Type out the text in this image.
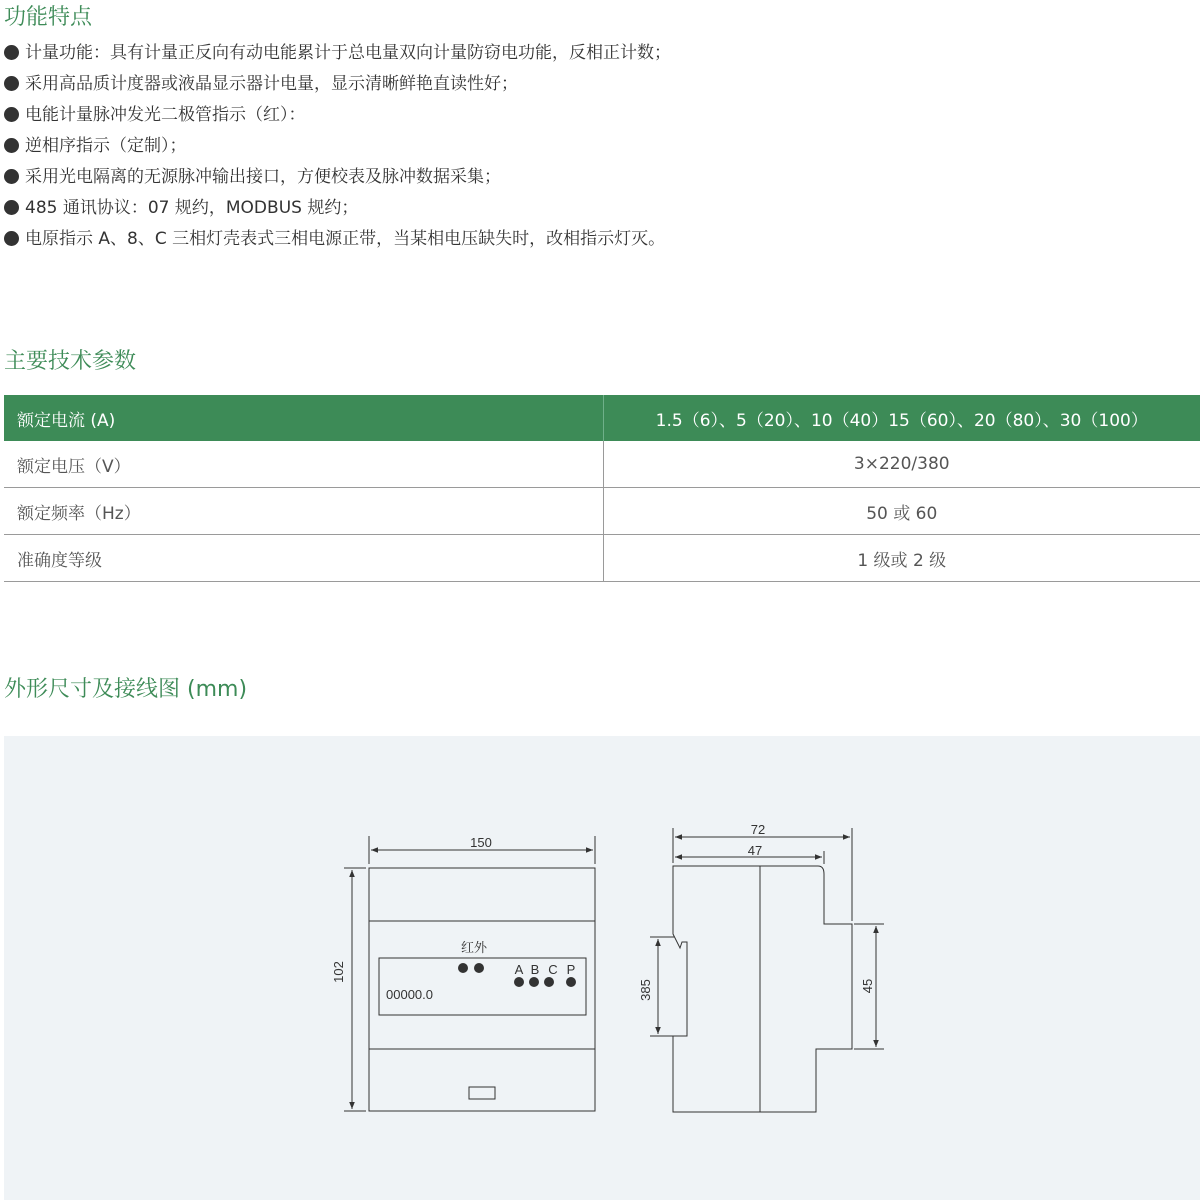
功能特点
计量功能：具有计量正反向有动电能累计于总电量双向计量防窃电功能，反相正计数；
采用高品质计度器或液晶显示器计电量，显示清晰鲜艳直读性好；
电能计量脉冲发光二极管指示（红）：
逆相序指示（定制）；
采用光电隔离的无源脉冲输出接口，方便校表及脉冲数据采集；
485 通讯协议：07 规约，MODBUS 规约；
电原指示 A、8、C 三相灯壳表式三相电源正带，当某相电压缺失时，改相指示灯灭。
主要技术参数
额定电流 (A)	1.5（6）、5（20）、10（40）15（60）、20（80）、30（100）
额定电压（V）	3×220/380
额定频率（Hz）	50 或 60
准确度等级	1 级或 2 级
外形尺寸及接线图 (mm)
150
102
红外
00000.0
A B C P
72
47
385	45
